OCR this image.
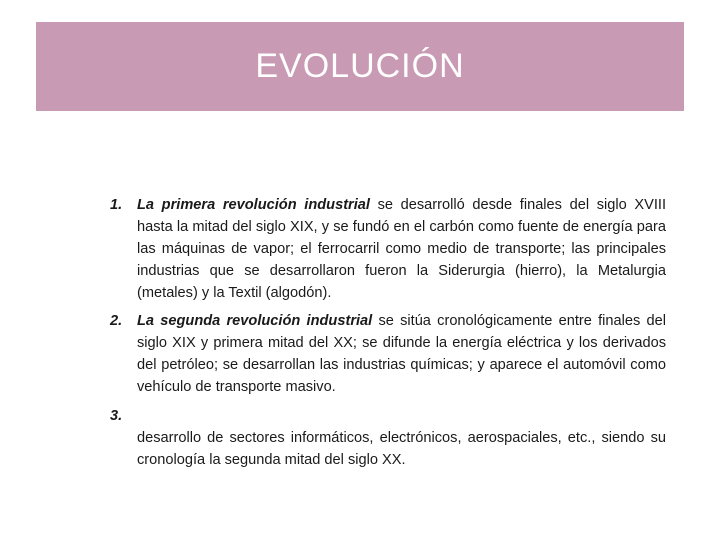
EVOLUCIÓN
1. La primera revolución industrial se desarrolló desde finales del siglo XVIII hasta la mitad del siglo XIX, y se fundó en el carbón como fuente de energía para las máquinas de vapor; el ferrocarril como medio de transporte; las principales industrias que se desarrollaron fueron la Siderurgia (hierro), la Metalurgia (metales) y la Textil (algodón).
2. La segunda revolución industrial se sitúa cronológicamente entre finales del siglo XIX y primera mitad del XX; se difunde la energía eléctrica y los derivados del petróleo; se desarrollan las industrias químicas; y aparece el automóvil como vehículo de transporte masivo.
3.
desarrollo de sectores informáticos, electrónicos, aerospaciales, etc., siendo su cronología la segunda mitad del siglo XX.
